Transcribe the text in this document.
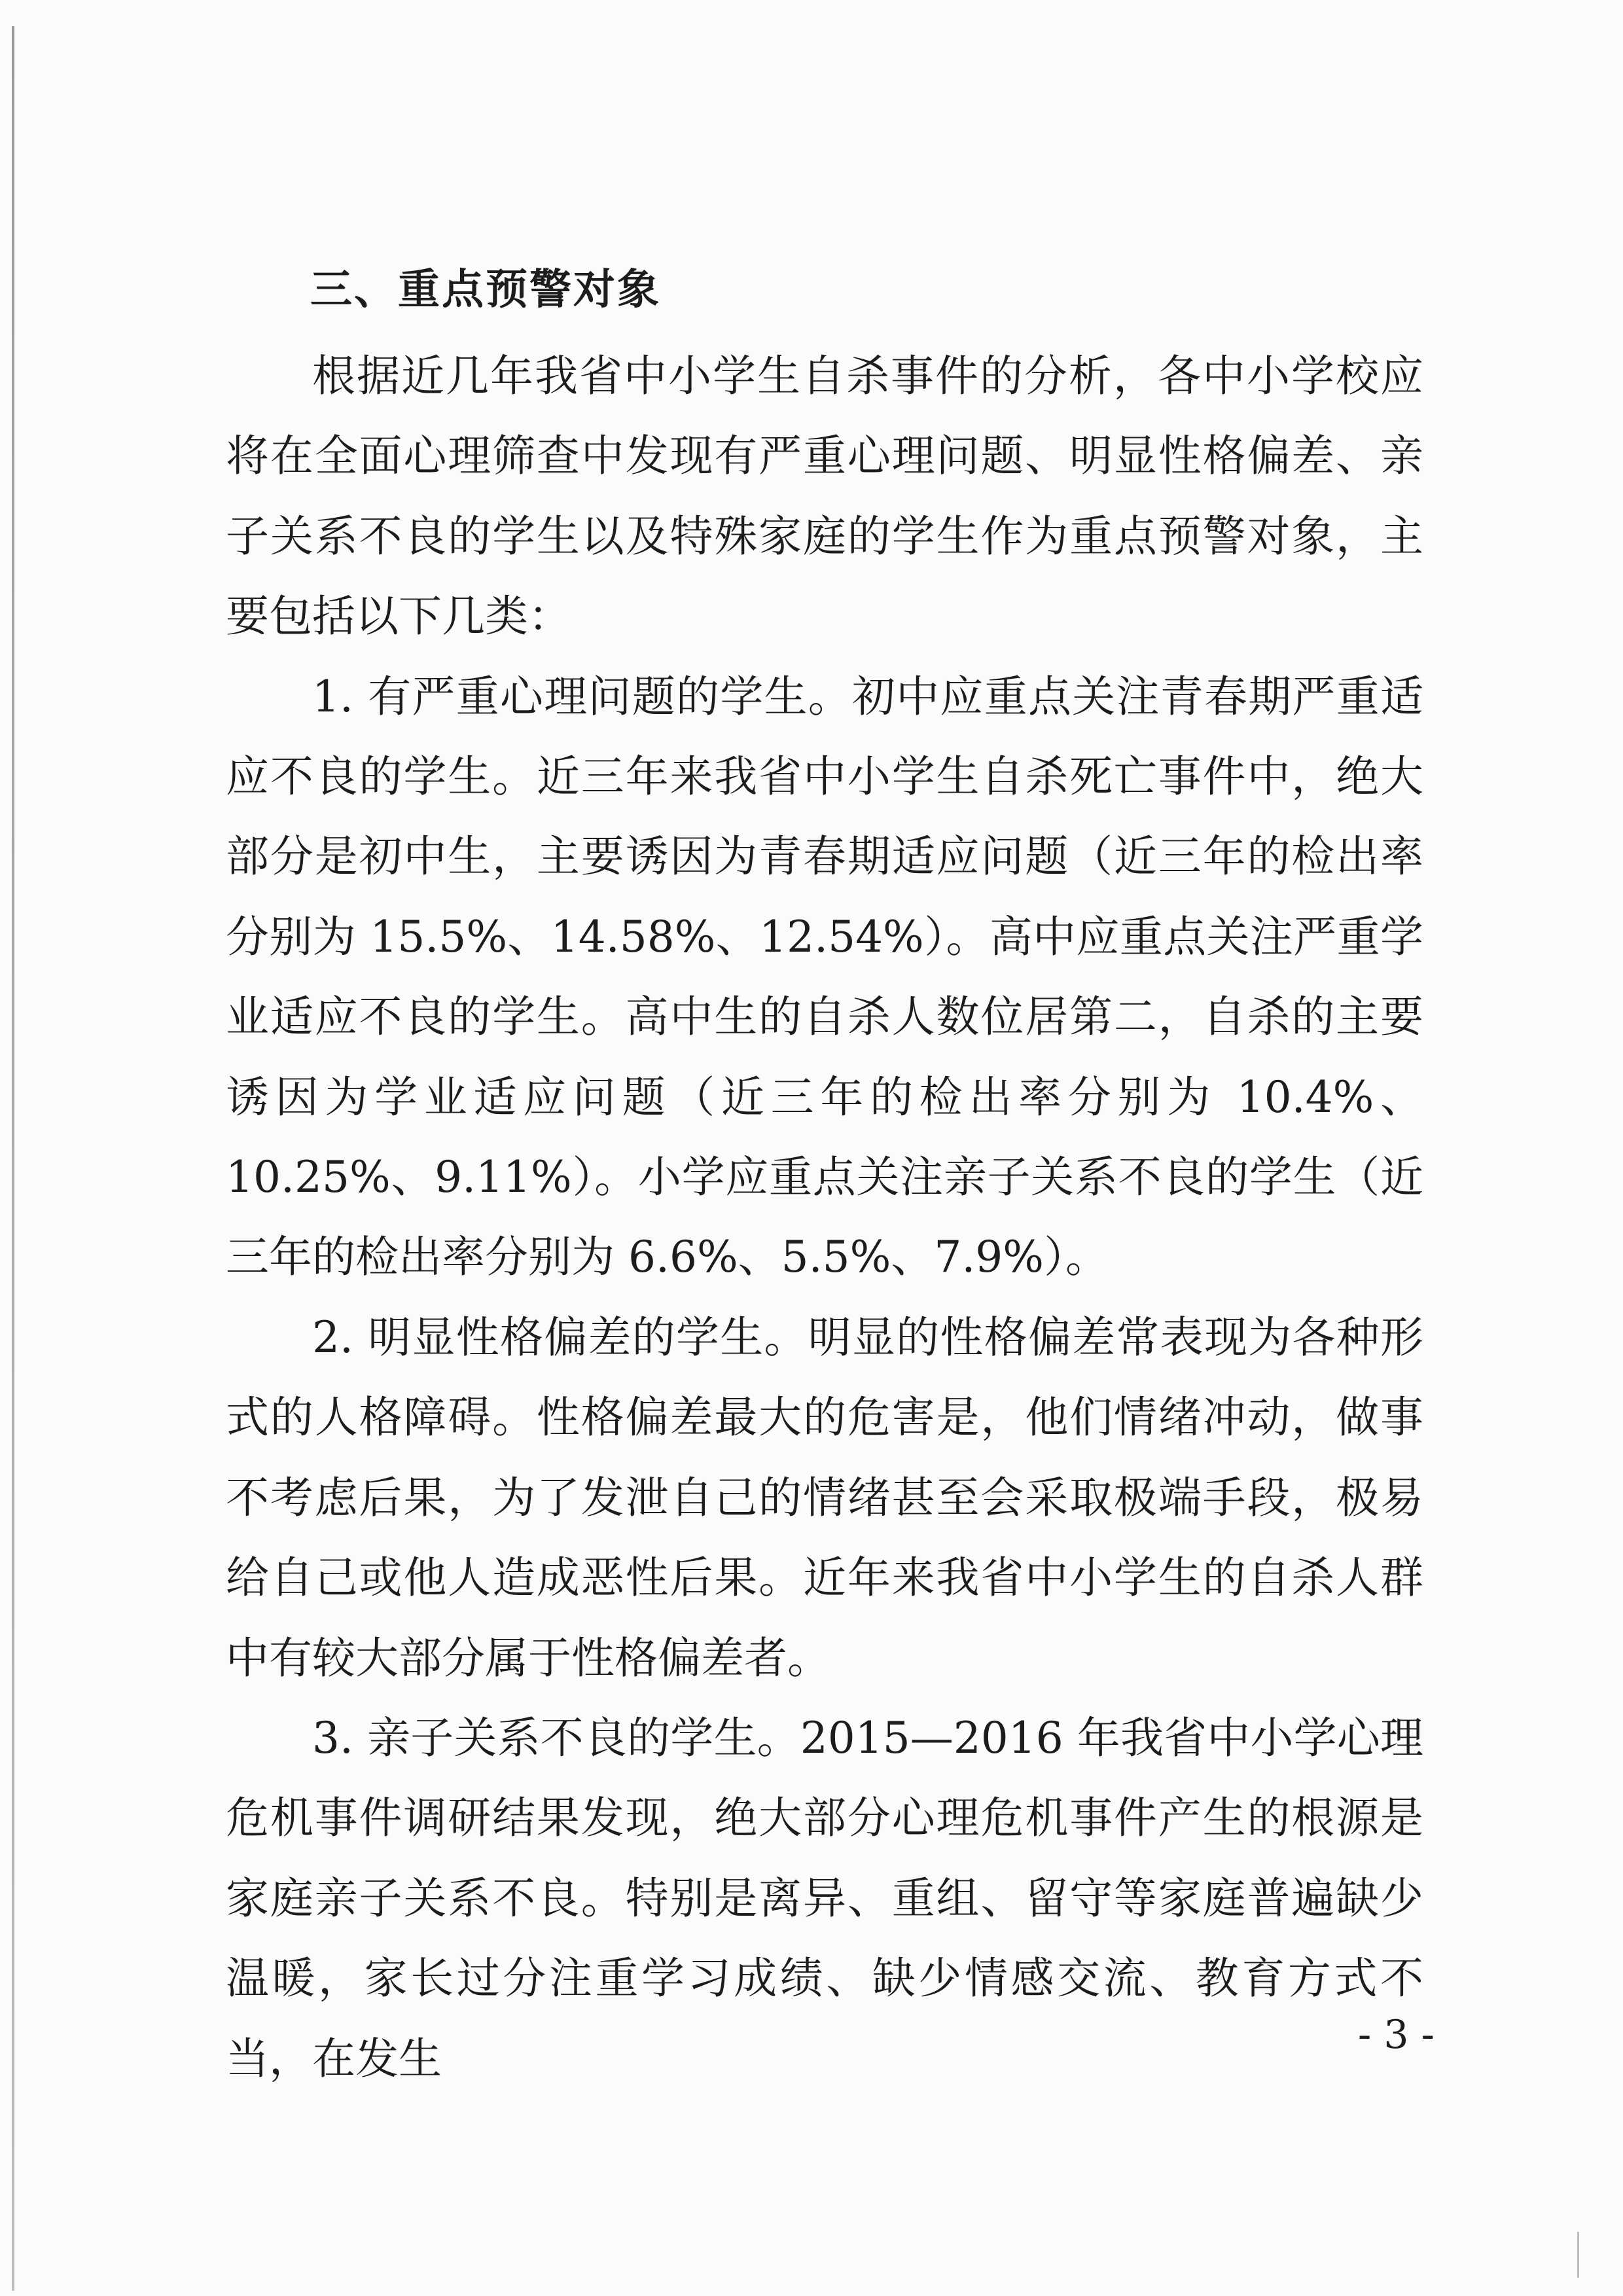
三、重点预警对象

根据近几年我省中小学生自杀事件的分析，各中小学校应将在全面心理筛查中发现有严重心理问题、明显性格偏差、亲子关系不良的学生以及特殊家庭的学生作为重点预警对象，主要包括以下几类：

1. 有严重心理问题的学生。初中应重点关注青春期严重适应不良的学生。近三年来我省中小学生自杀死亡事件中，绝大部分是初中生，主要诱因为青春期适应问题（近三年的检出率分别为 15.5%、14.58%、12.54%）。高中应重点关注严重学业适应不良的学生。高中生的自杀人数位居第二，自杀的主要诱因为学业适应问题（近三年的检出率分别为 10.4%、10.25%、9.11%）。小学应重点关注亲子关系不良的学生（近三年的检出率分别为 6.6%、5.5%、7.9%）。

2. 明显性格偏差的学生。明显的性格偏差常表现为各种形式的人格障碍。性格偏差最大的危害是，他们情绪冲动，做事不考虑后果，为了发泄自己的情绪甚至会采取极端手段，极易给自己或他人造成恶性后果。近年来我省中小学生的自杀人群中有较大部分属于性格偏差者。

3. 亲子关系不良的学生。2015—2016 年我省中小学心理危机事件调研结果发现，绝大部分心理危机事件产生的根源是家庭亲子关系不良。特别是离异、重组、留守等家庭普遍缺少温暖，家长过分注重学习成绩、缺少情感交流、教育方式不当，在发生	- 3 -
